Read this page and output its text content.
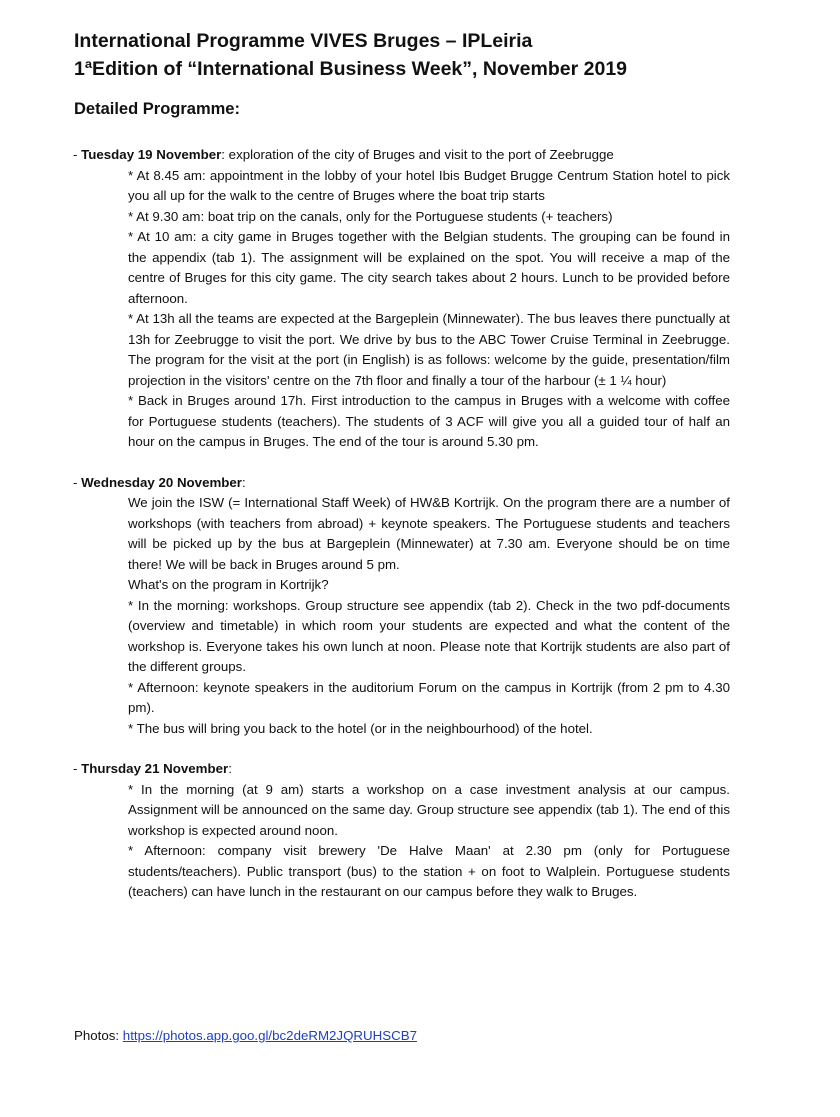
International Programme VIVES Bruges – IPLeiria
1ªEdition of “International Business Week”, November 2019
Detailed Programme:
- Tuesday 19 November: exploration of the city of Bruges and visit to the port of Zeebrugge
* At 8.45 am: appointment in the lobby of your hotel Ibis Budget Brugge Centrum Station hotel to pick you all up for the walk to the centre of Bruges where the boat trip starts
* At 9.30 am: boat trip on the canals, only for the Portuguese students (+ teachers)
* At 10 am: a city game in Bruges together with the Belgian students. The grouping can be found in the appendix (tab 1). The assignment will be explained on the spot. You will receive a map of the centre of Bruges for this city game. The city search takes about 2 hours. Lunch to be provided before afternoon.
* At 13h all the teams are expected at the Bargeplein (Minnewater). The bus leaves there punctually at 13h for Zeebrugge to visit the port. We drive by bus to the ABC Tower Cruise Terminal in Zeebrugge. The program for the visit at the port (in English) is as follows: welcome by the guide, presentation/film projection in the visitors' centre on the 7th floor and finally a tour of the harbour (± 1 ¼ hour)
* Back in Bruges around 17h. First introduction to the campus in Bruges with a welcome with coffee for Portuguese students (teachers). The students of 3 ACF will give you all a guided tour of half an hour on the campus in Bruges. The end of the tour is around 5.30 pm.
- Wednesday 20 November:
We join the ISW (= International Staff Week) of HW&B Kortrijk. On the program there are a number of workshops (with teachers from abroad) + keynote speakers. The Portuguese students and teachers will be picked up by the bus at Bargeplein (Minnewater) at 7.30 am. Everyone should be on time there! We will be back in Bruges around 5 pm.
What's on the program in Kortrijk?
* In the morning: workshops. Group structure see appendix (tab 2). Check in the two pdf-documents (overview and timetable) in which room your students are expected and what the content of the workshop is. Everyone takes his own lunch at noon. Please note that Kortrijk students are also part of the different groups.
* Afternoon: keynote speakers in the auditorium Forum on the campus in Kortrijk (from 2 pm to 4.30 pm).
* The bus will bring you back to the hotel (or in the neighbourhood) of the hotel.
- Thursday 21 November:
* In the morning (at 9 am) starts a workshop on a case investment analysis at our campus. Assignment will be announced on the same day. Group structure see appendix (tab 1). The end of this workshop is expected around noon.
* Afternoon: company visit brewery 'De Halve Maan' at 2.30 pm (only for Portuguese students/teachers). Public transport (bus) to the station + on foot to Walplein. Portuguese students (teachers) can have lunch in the restaurant on our campus before they walk to Bruges.
Photos: https://photos.app.goo.gl/bc2deRM2JQRUHSCB7
